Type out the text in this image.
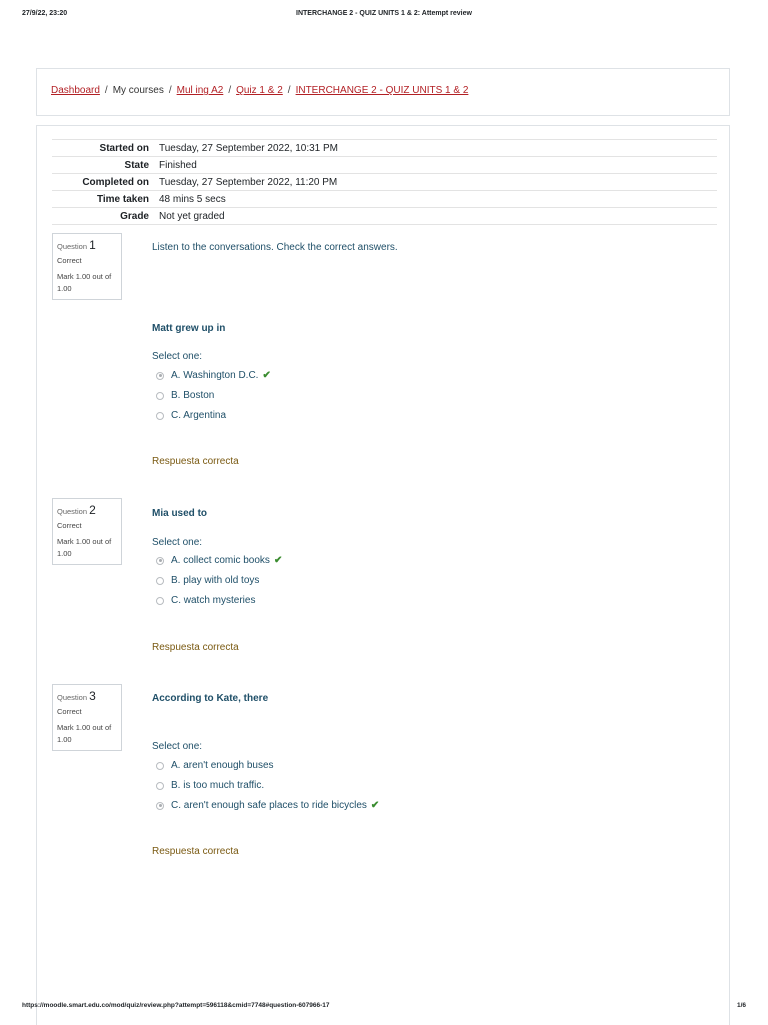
27/9/22, 23:20	INTERCHANGE 2 - QUIZ UNITS 1 & 2: Attempt review
Dashboard / My courses / Mul ing A2 / Quiz 1 & 2 / INTERCHANGE 2 - QUIZ UNITS 1 & 2
Started on	Tuesday, 27 September 2022, 10:31 PM
State	Finished
Completed on	Tuesday, 27 September 2022, 11:20 PM
Time taken	48 mins 5 secs
Grade	Not yet graded
Question 1
Correct
Mark 1.00 out of 1.00
Listen to the conversations. Check the correct answers.
Matt grew up in
Select one:
A. Washington D.C. ✔
B. Boston
C. Argentina
Respuesta correcta
Question 2
Correct
Mark 1.00 out of 1.00
Mia used to
Select one:
A. collect comic books ✔
B. play with old toys
C. watch mysteries
Respuesta correcta
Question 3
Correct
Mark 1.00 out of 1.00
According to Kate, there
Select one:
A. aren't enough buses
B. is too much traffic.
C. aren't enough safe places to ride bicycles ✔
Respuesta correcta
https://moodle.smart.edu.co/mod/quiz/review.php?attempt=596118&cmid=7748#question-607966-17	1/6
